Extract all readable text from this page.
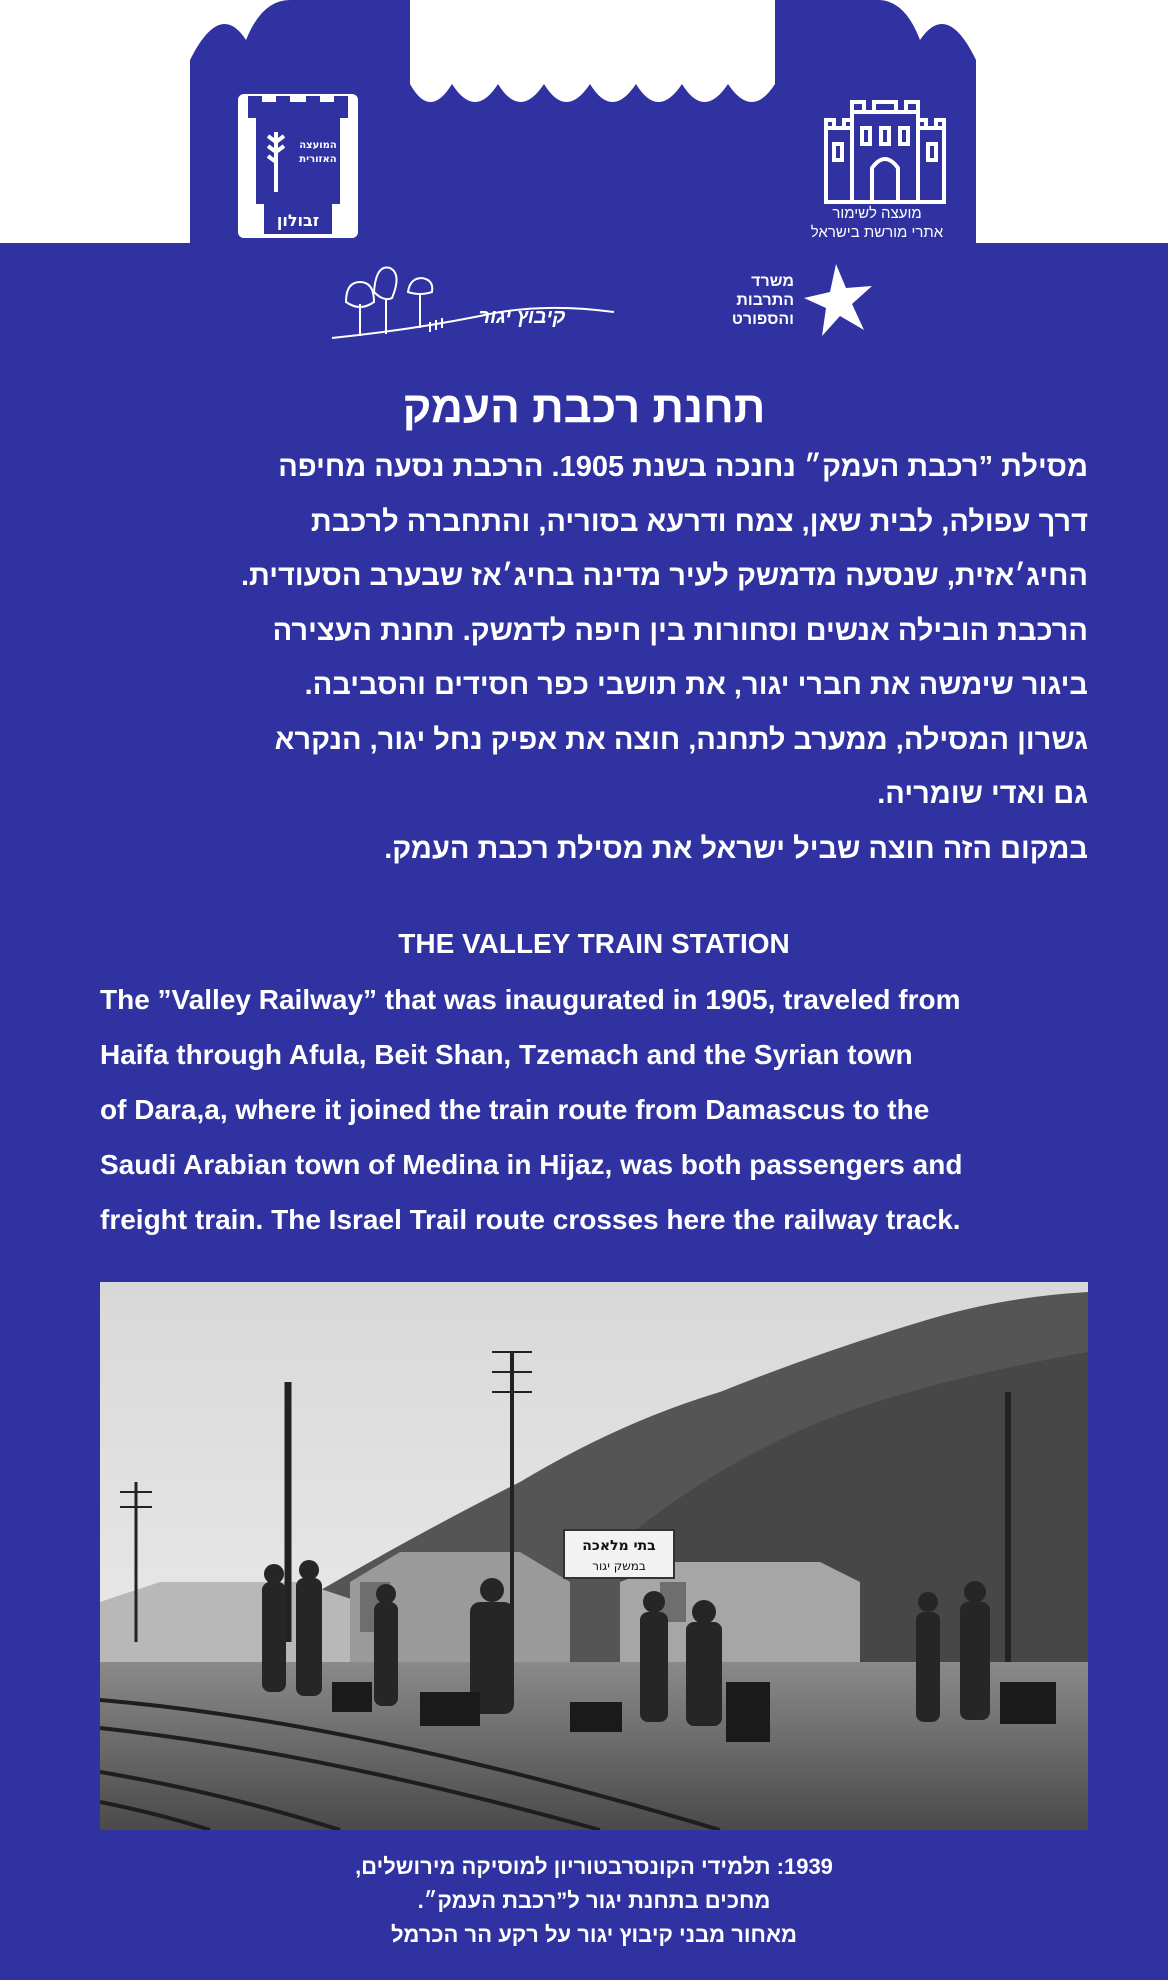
המועצה
האזורית
זבולון	מועצה לשימור
אתרי מורשת בישראל
קיבוץ יגור
משרד
התרבות
והספורט
תחנת רכבת העמק
מסילת ”רכבת העמק״ נחנכה בשנת 1905. הרכבת נסעה מחיפה
דרך עפולה, לבית שאן, צמח ודרעא בסוריה, והתחברה לרכבת
החיג׳אזית, שנסעה מדמשק לעיר מדינה בחיג׳אז שבערב הסעודית.
הרכבת הובילה אנשים וסחורות בין חיפה לדמשק. תחנת העצירה
ביגור שימשה את חברי יגור, את תושבי כפר חסידים והסביבה.
גשרון המסילה, ממערב לתחנה, חוצה את אפיק נחל יגור, הנקרא
גם ואדי שומריה.
במקום הזה חוצה שביל ישראל את מסילת רכבת העמק.
THE VALLEY TRAIN STATION
The ”Valley Railway” that was inaugurated in 1905, traveled from
Haifa through Afula, Beit Shan, Tzemach and the Syrian town
of Dara,a, where it joined the train route from Damascus to the
Saudi Arabian town of Medina in Hijaz, was both passengers and
freight train. The Israel Trail route crosses here the railway track.
בתי מלאכה
במשק יגור
1939: תלמידי הקונסרבטוריון למוסיקה מירושלים,
מחכים בתחנת יגור ל”רכבת העמק״.
מאחור מבני קיבוץ יגור על רקע הר הכרמל
